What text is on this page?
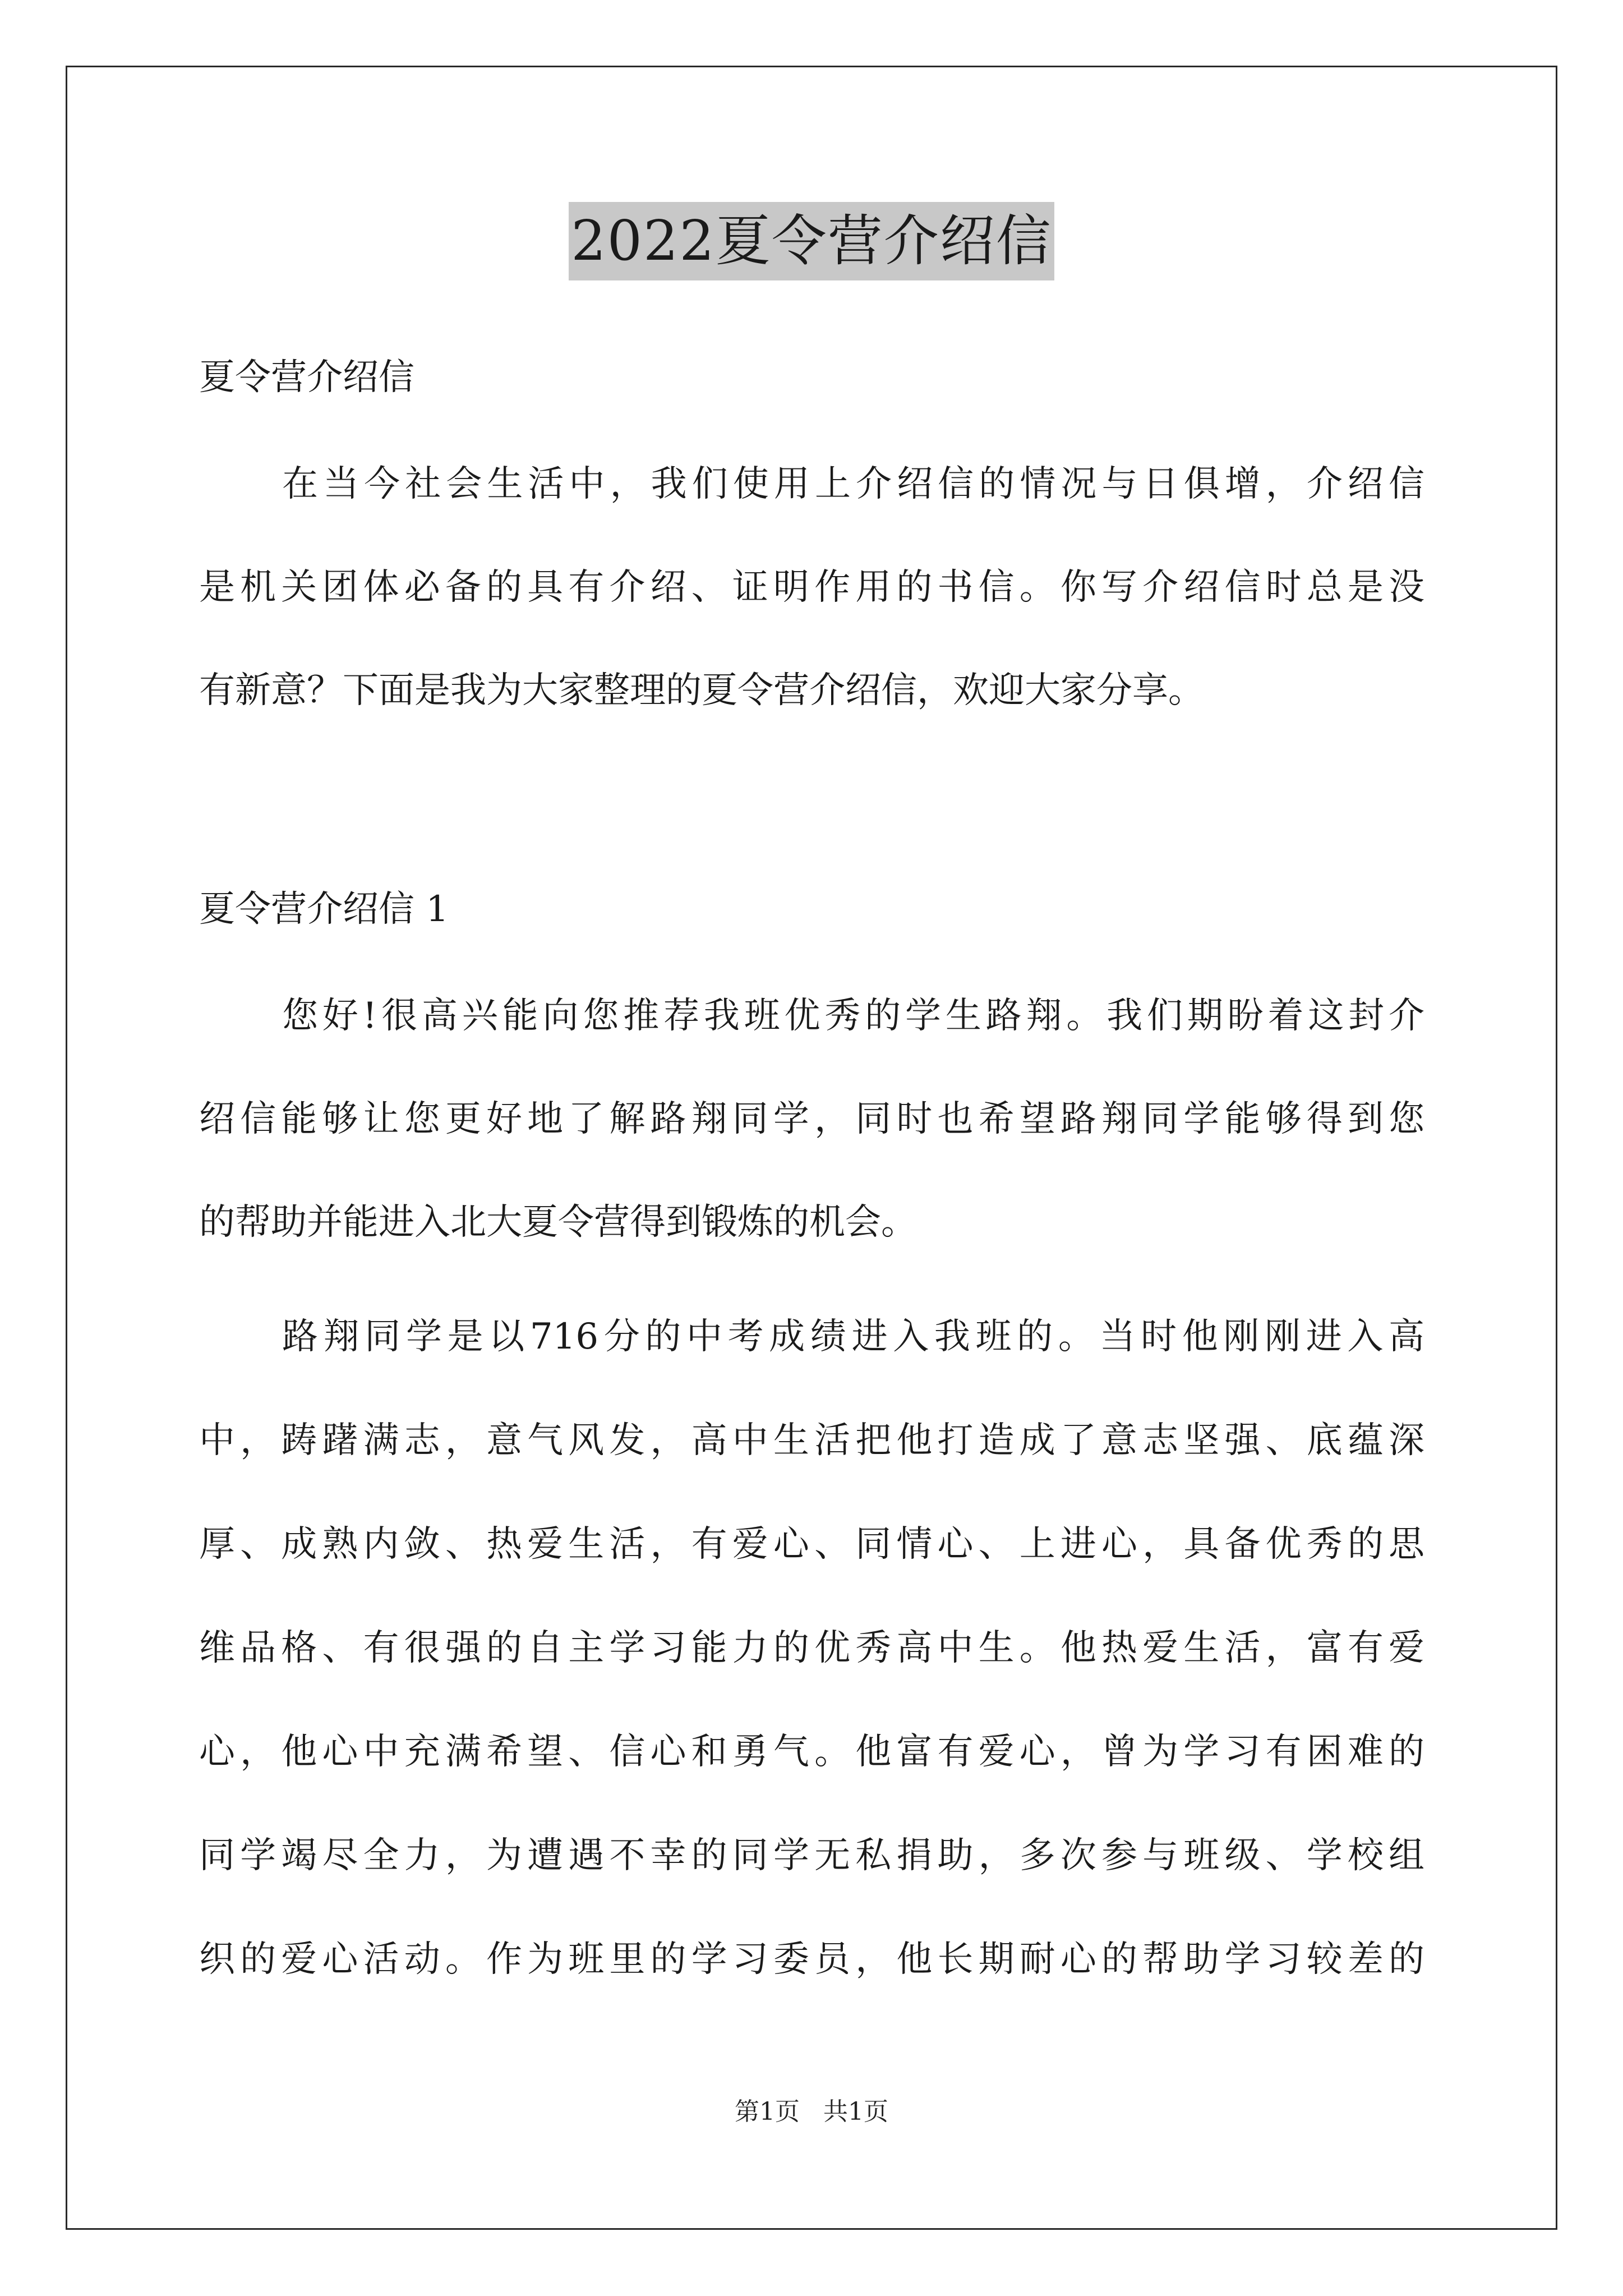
2022夏令营介绍信
夏令营介绍信
在当今社会生活中，我们使用上介绍信的情况与日俱增，介绍信
是机关团体必备的具有介绍、证明作用的书信。你写介绍信时总是没
有新意？下面是我为大家整理的夏令营介绍信，欢迎大家分享。
夏令营介绍信 1
您好!很高兴能向您推荐我班优秀的学生路翔。我们期盼着这封介
绍信能够让您更好地了解路翔同学，同时也希望路翔同学能够得到您
的帮助并能进入北大夏令营得到锻炼的机会。
路翔同学是以716分的中考成绩进入我班的。当时他刚刚进入高
中，踌躇满志，意气风发，高中生活把他打造成了意志坚强、底蕴深
厚、成熟内敛、热爱生活，有爱心、同情心、上进心，具备优秀的思
维品格、有很强的自主学习能力的优秀高中生。他热爱生活，富有爱
心，他心中充满希望、信心和勇气。他富有爱心，曾为学习有困难的
同学竭尽全力，为遭遇不幸的同学无私捐助，多次参与班级、学校组
织的爱心活动。作为班里的学习委员，他长期耐心的帮助学习较差的
第1页 共1页
